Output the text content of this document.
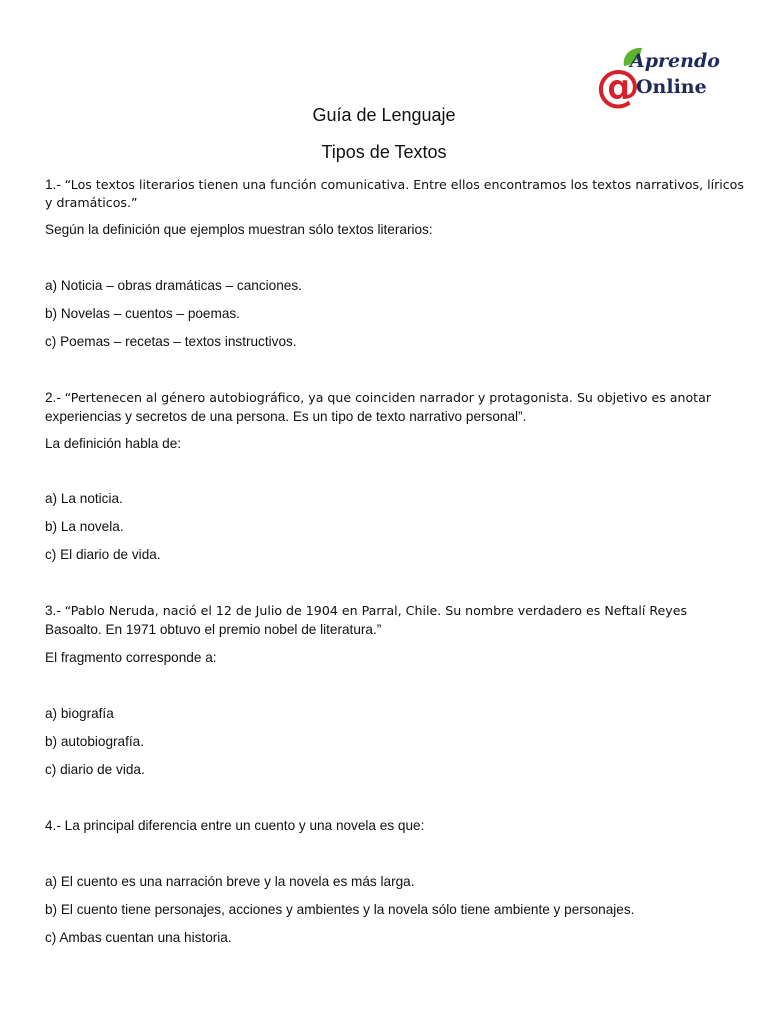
@
Aprendo
Online
Guía de Lenguaje
Tipos de Textos

1.- “Los textos literarios tienen una función comunicativa. Entre ellos encontramos los textos narrativos, líricos

y dramáticos.”

Según la definición que ejemplos muestran sólo textos literarios:

a) Noticia – obras dramáticas – canciones.

b) Novelas – cuentos – poemas.

c) Poemas – recetas – textos instructivos.

2.- “Pertenecen al género autobiográfico, ya que coinciden narrador y protagonista. Su objetivo es anotar

experiencias y secretos de una persona. Es un tipo de texto narrativo personal”.

La definición habla de:

a) La noticia.

b) La novela.

c) El diario de vida.

3.- “Pablo Neruda, nació el 12 de Julio de 1904 en Parral, Chile. Su nombre verdadero es Neftalí Reyes

Basoalto. En 1971 obtuvo el premio nobel de literatura.”

El fragmento corresponde a:

a) biografía

b) autobiografía.

c) diario de vida.

4.- La principal diferencia entre un cuento y una novela es que:

a) El cuento es una narración breve y la novela es más larga.

b) El cuento tiene personajes, acciones y ambientes y la novela sólo tiene ambiente y personajes.

c) Ambas cuentan una historia.
